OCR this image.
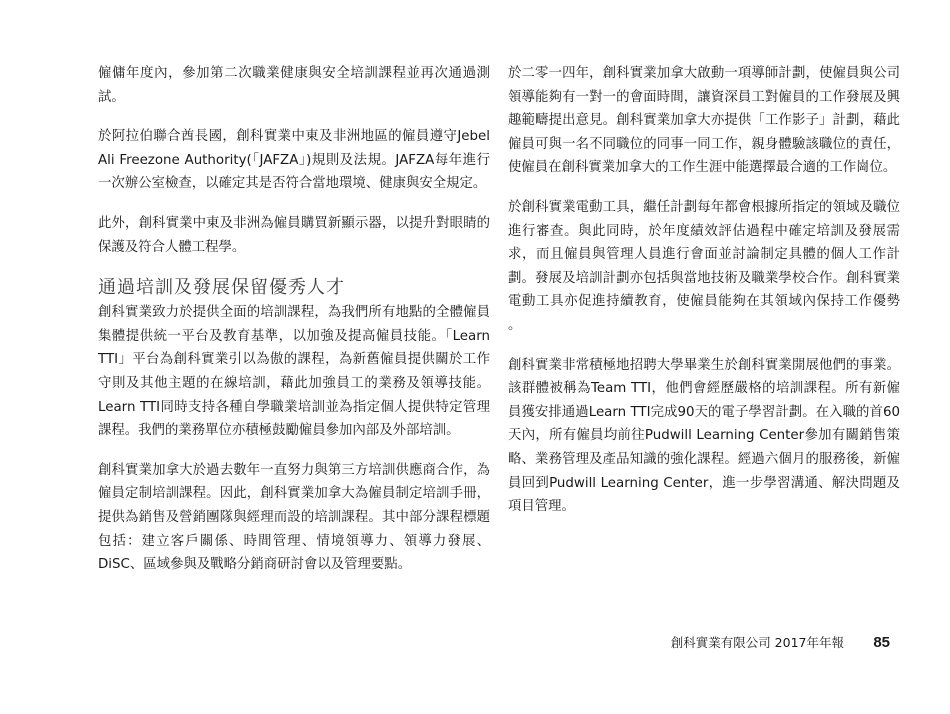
僱傭年度內，參加第二次職業健康與安全培訓課程並再次通過測試。

於阿拉伯聯合酋長國，創科實業中東及非洲地區的僱員遵守Jebel Ali Freezone Authority(「JAFZA」)規則及法規。JAFZA每年進行一次辦公室檢查，以確定其是否符合當地環境、健康與安全規定。

此外，創科實業中東及非洲為僱員購買新顯示器，以提升對眼睛的保護及符合人體工程學。

通過培訓及發展保留優秀人才

創科實業致力於提供全面的培訓課程，為我們所有地點的全體僱員集體提供統一平台及教育基準，以加強及提高僱員技能。「Learn TTI」平台為創科實業引以為傲的課程，為新舊僱員提供關於工作守則及其他主題的在線培訓，藉此加強員工的業務及領導技能。Learn TTI同時支持各種自學職業培訓並為指定個人提供特定管理課程。我們的業務單位亦積極鼓勵僱員參加內部及外部培訓。

創科實業加拿大於過去數年一直努力與第三方培訓供應商合作，為僱員定制培訓課程。因此，創科實業加拿大為僱員制定培訓手冊，提供為銷售及營銷團隊與經理而設的培訓課程。其中部分課程標題包括：建立客戶關係、時間管理、情境領導力、領導力發展、DiSC、區域參與及戰略分銷商研討會以及管理要點。

於二零一四年，創科實業加拿大啟動一項導師計劃，使僱員與公司領導能夠有一對一的會面時間，讓資深員工對僱員的工作發展及興趣範疇提出意見。創科實業加拿大亦提供「工作影子」計劃，藉此僱員可與一名不同職位的同事一同工作，親身體驗該職位的責任，使僱員在創科實業加拿大的工作生涯中能選擇最合適的工作崗位。

於創科實業電動工具，繼任計劃每年都會根據所指定的領域及職位進行審查。與此同時，於年度績效評估過程中確定培訓及發展需求，而且僱員與管理人員進行會面並討論制定具體的個人工作計劃。發展及培訓計劃亦包括與當地技術及職業學校合作。創科實業電動工具亦促進持續教育，使僱員能夠在其領域內保持工作優勢 。

創科實業非常積極地招聘大學畢業生於創科實業開展他們的事業。該群體被稱為Team TTI，他們會經歷嚴格的培訓課程。所有新僱員獲安排通過Learn TTI完成90天的電子學習計劃。在入職的首60天內，所有僱員均前往Pudwill Learning Center參加有關銷售策略、業務管理及產品知識的強化課程。經過六個月的服務後，新僱員回到Pudwill Learning Center，進一步學習溝通、解決問題及項目管理。

創科實業有限公司 2017年年報 85
